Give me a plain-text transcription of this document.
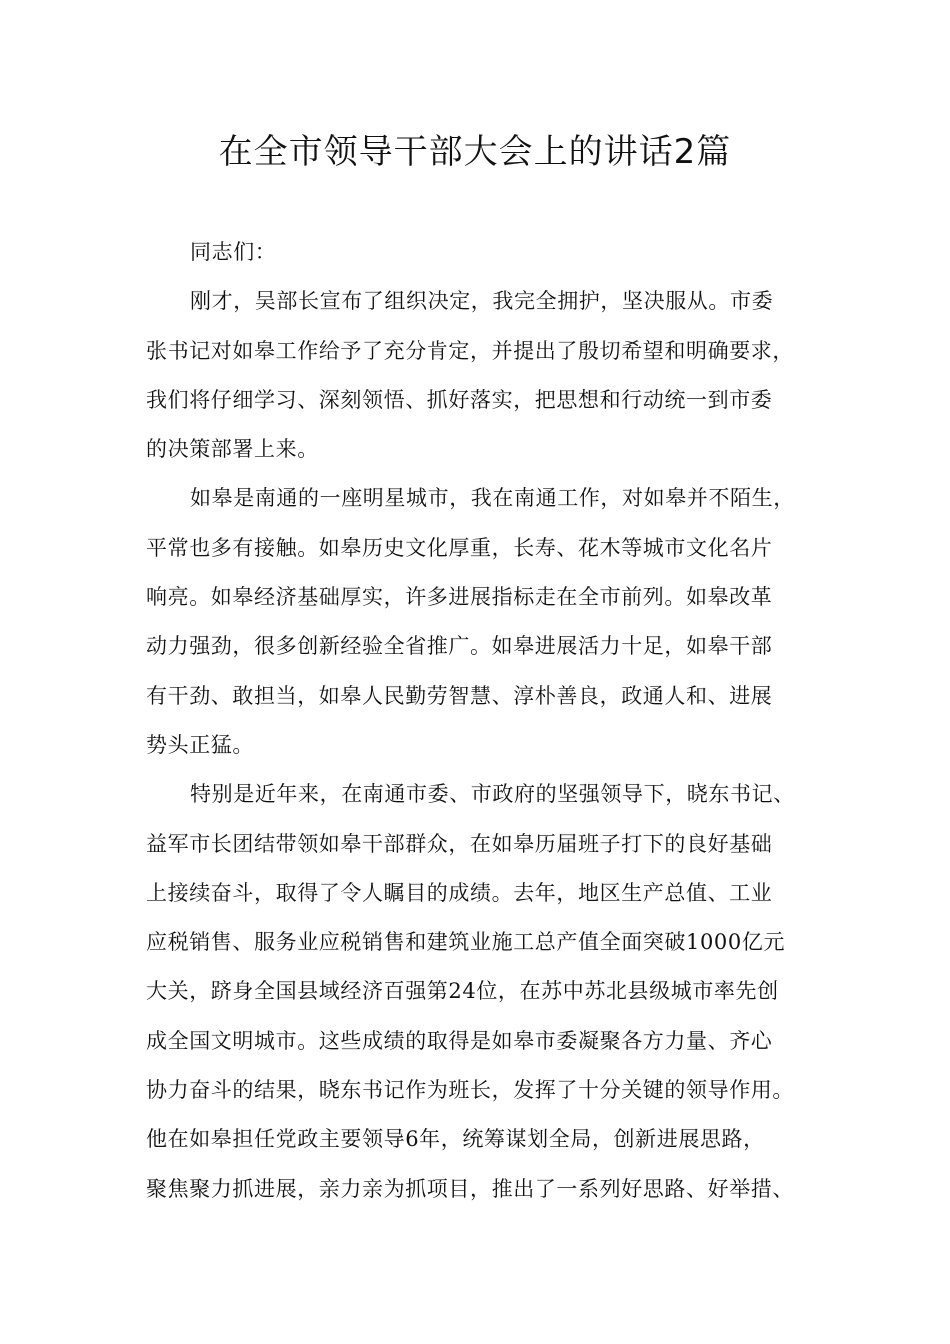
在全市领导干部大会上的讲话2篇
同志们：
刚才，吴部长宣布了组织决定，我完全拥护，坚决服从。市委
张书记对如皋工作给予了充分肯定，并提出了殷切希望和明确要求，
我们将仔细学习、深刻领悟、抓好落实，把思想和行动统一到市委
的决策部署上来。
如皋是南通的一座明星城市，我在南通工作，对如皋并不陌生，
平常也多有接触。如皋历史文化厚重，长寿、花木等城市文化名片
响亮。如皋经济基础厚实，许多进展指标走在全市前列。如皋改革
动力强劲，很多创新经验全省推广。如皋进展活力十足，如皋干部
有干劲、敢担当，如皋人民勤劳智慧、淳朴善良，政通人和、进展
势头正猛。
特别是近年来，在南通市委、市政府的坚强领导下，晓东书记、
益军市长团结带领如皋干部群众，在如皋历届班子打下的良好基础
上接续奋斗，取得了令人瞩目的成绩。去年，地区生产总值、工业
应税销售、服务业应税销售和建筑业施工总产值全面突破1000亿元
大关，跻身全国县域经济百强第24位，在苏中苏北县级城市率先创
成全国文明城市。这些成绩的取得是如皋市委凝聚各方力量、齐心
协力奋斗的结果，晓东书记作为班长，发挥了十分关键的领导作用。
他在如皋担任党政主要领导6年，统筹谋划全局，创新进展思路，
聚焦聚力抓进展，亲力亲为抓项目，推出了一系列好思路、好举措、
